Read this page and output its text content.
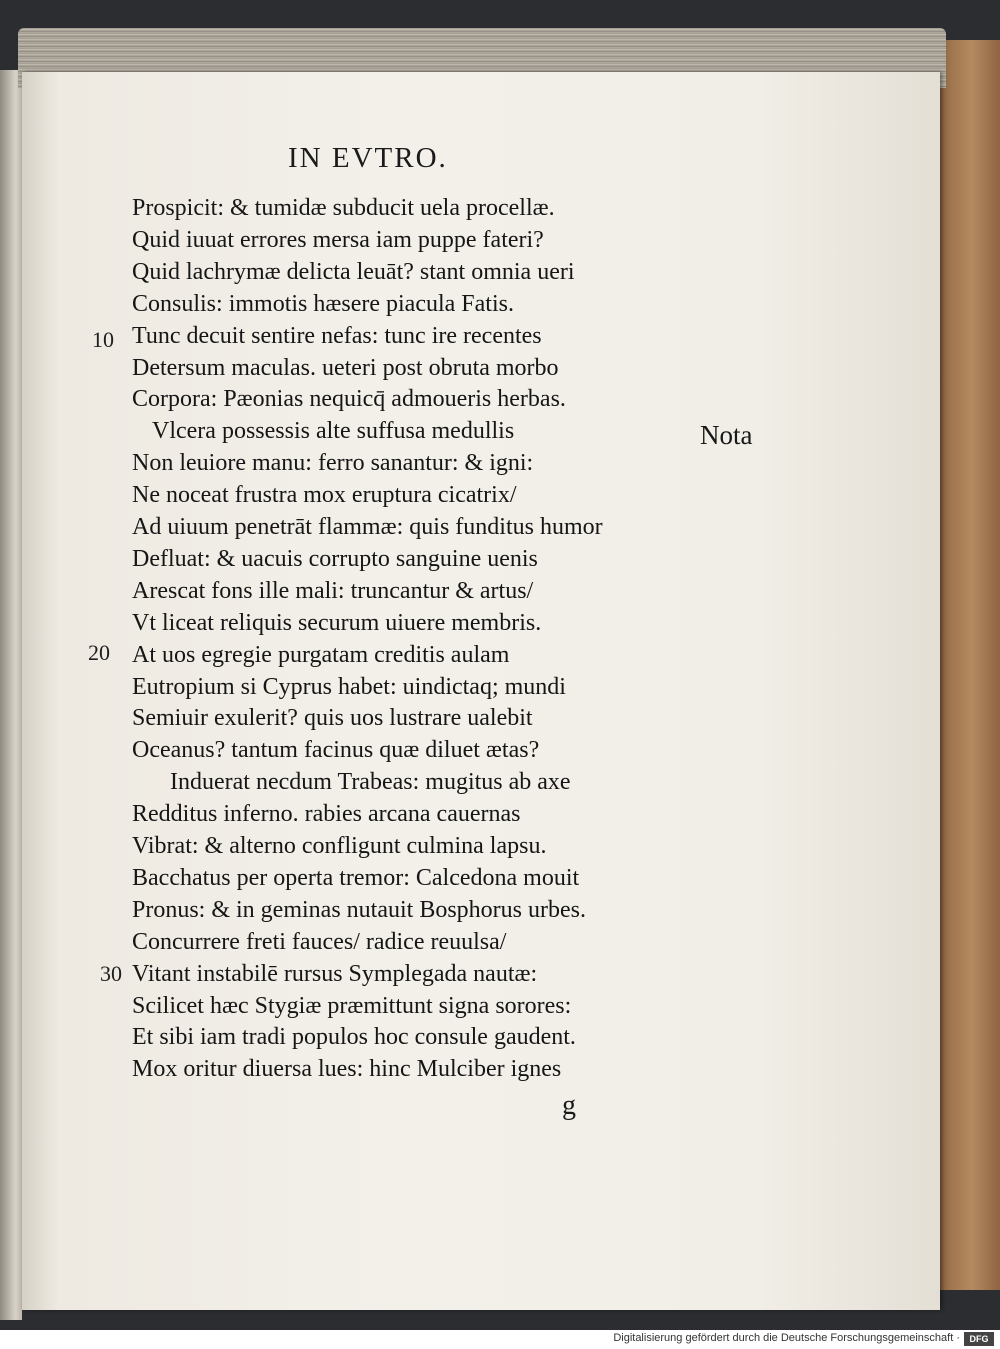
IN EVTRO.
Prospicit: & tumidæ subducit uela procellæ.
Quid iuuat errores mersa iam puppe fateri?
Quid lachrymæ delicta leuāt? stant omnia ueri
Consulis: immotis hæsere piacula Fatis.
Tunc decuit sentire nefas: tunc ire recentes
Detersum maculas. ueteri post obruta morbo
Corpora: Pæonias nequicq̄ admoueris herbas.
Vlcera possessis alte suffusa medullis
Non leuiore manu: ferro sanantur: & igni:
Ne noceat frustra mox eruptura cicatrix/
Ad uiuum penetrāt flammæ: quis funditus humor
Defluat: & uacuis corrupto sanguine uenis
Arescat fons ille mali: truncantur & artus/
Vt liceat reliquis securum uiuere membris.
At uos egregie purgatam creditis aulam
Eutropium si Cyprus habet: uindictaq; mundi
Semiuir exulerit? quis uos lustrare ualebit
Oceanus? tantum facinus quæ diluet ætas?
Induerat necdum Trabeas: mugitus ab axe
Redditus inferno. rabies arcana cauernas
Vibrat: & alterno confligunt culmina lapsu.
Bacchatus per operta tremor: Calcedona mouit
Pronus: & in geminas nutauit Bosphorus urbes.
Concurrere freti fauces/ radice reuulsa/
Vitant instabilē rursus Symplegada nautæ:
Scilicet hæc Stygiæ præmittunt signa sorores:
Et sibi iam tradi populos hoc consule gaudent.
Mox oritur diuersa lues: hinc Mulciber ignes
10
20
30
Nota
g
Digitalisierung gefördert durch die Deutsche Forschungsgemeinschaft ·	DFG
